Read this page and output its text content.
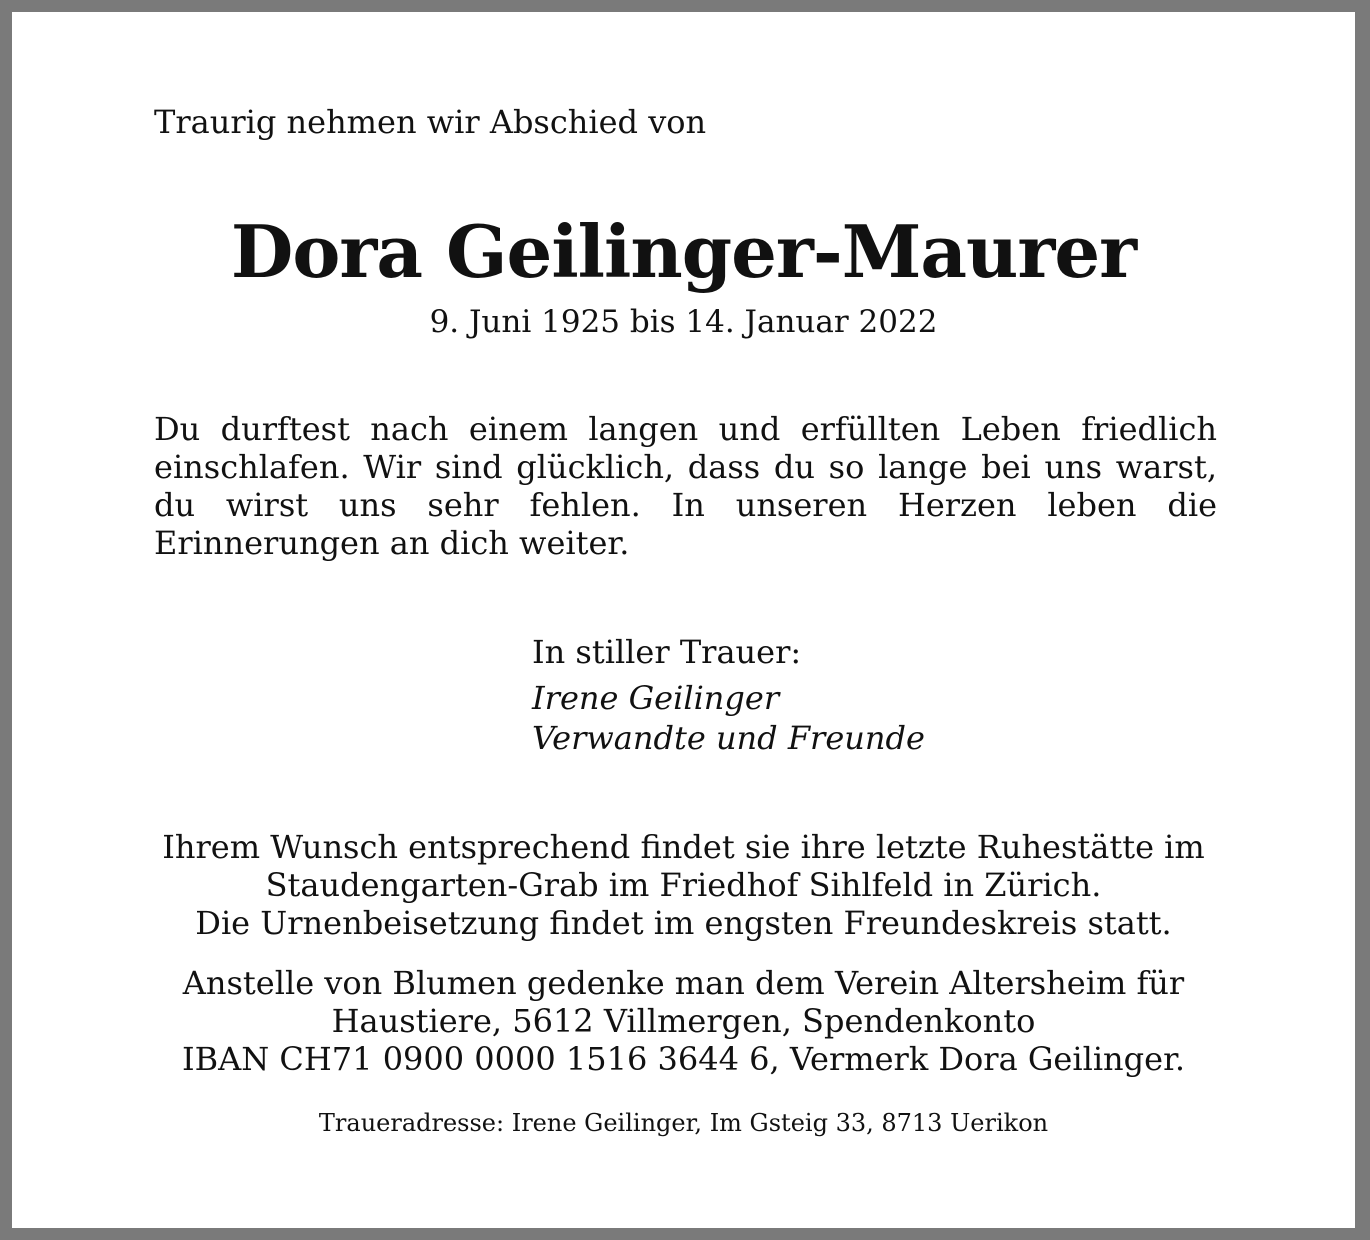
Traurig nehmen wir Abschied von
Dora Geilinger-Maurer
9. Juni 1925 bis 14. Januar 2022
Du durftest nach einem langen und erfüllten Leben friedlich einschlafen. Wir sind glücklich, dass du so lange bei uns warst, du wirst uns sehr fehlen. In unseren Herzen leben die Erinnerungen an dich weiter.
In stiller Trauer:
Irene Geilinger
Verwandte und Freunde
Ihrem Wunsch entsprechend findet sie ihre letzte Ruhestätte im
Staudengarten-Grab im Friedhof Sihlfeld in Zürich.
Die Urnenbeisetzung findet im engsten Freundeskreis statt.
Anstelle von Blumen gedenke man dem Verein Altersheim für
Haustiere, 5612 Villmergen, Spendenkonto
IBAN CH71 0900 0000 1516 3644 6, Vermerk Dora Geilinger.
Traueradresse: Irene Geilinger, Im Gsteig 33, 8713 Uerikon
